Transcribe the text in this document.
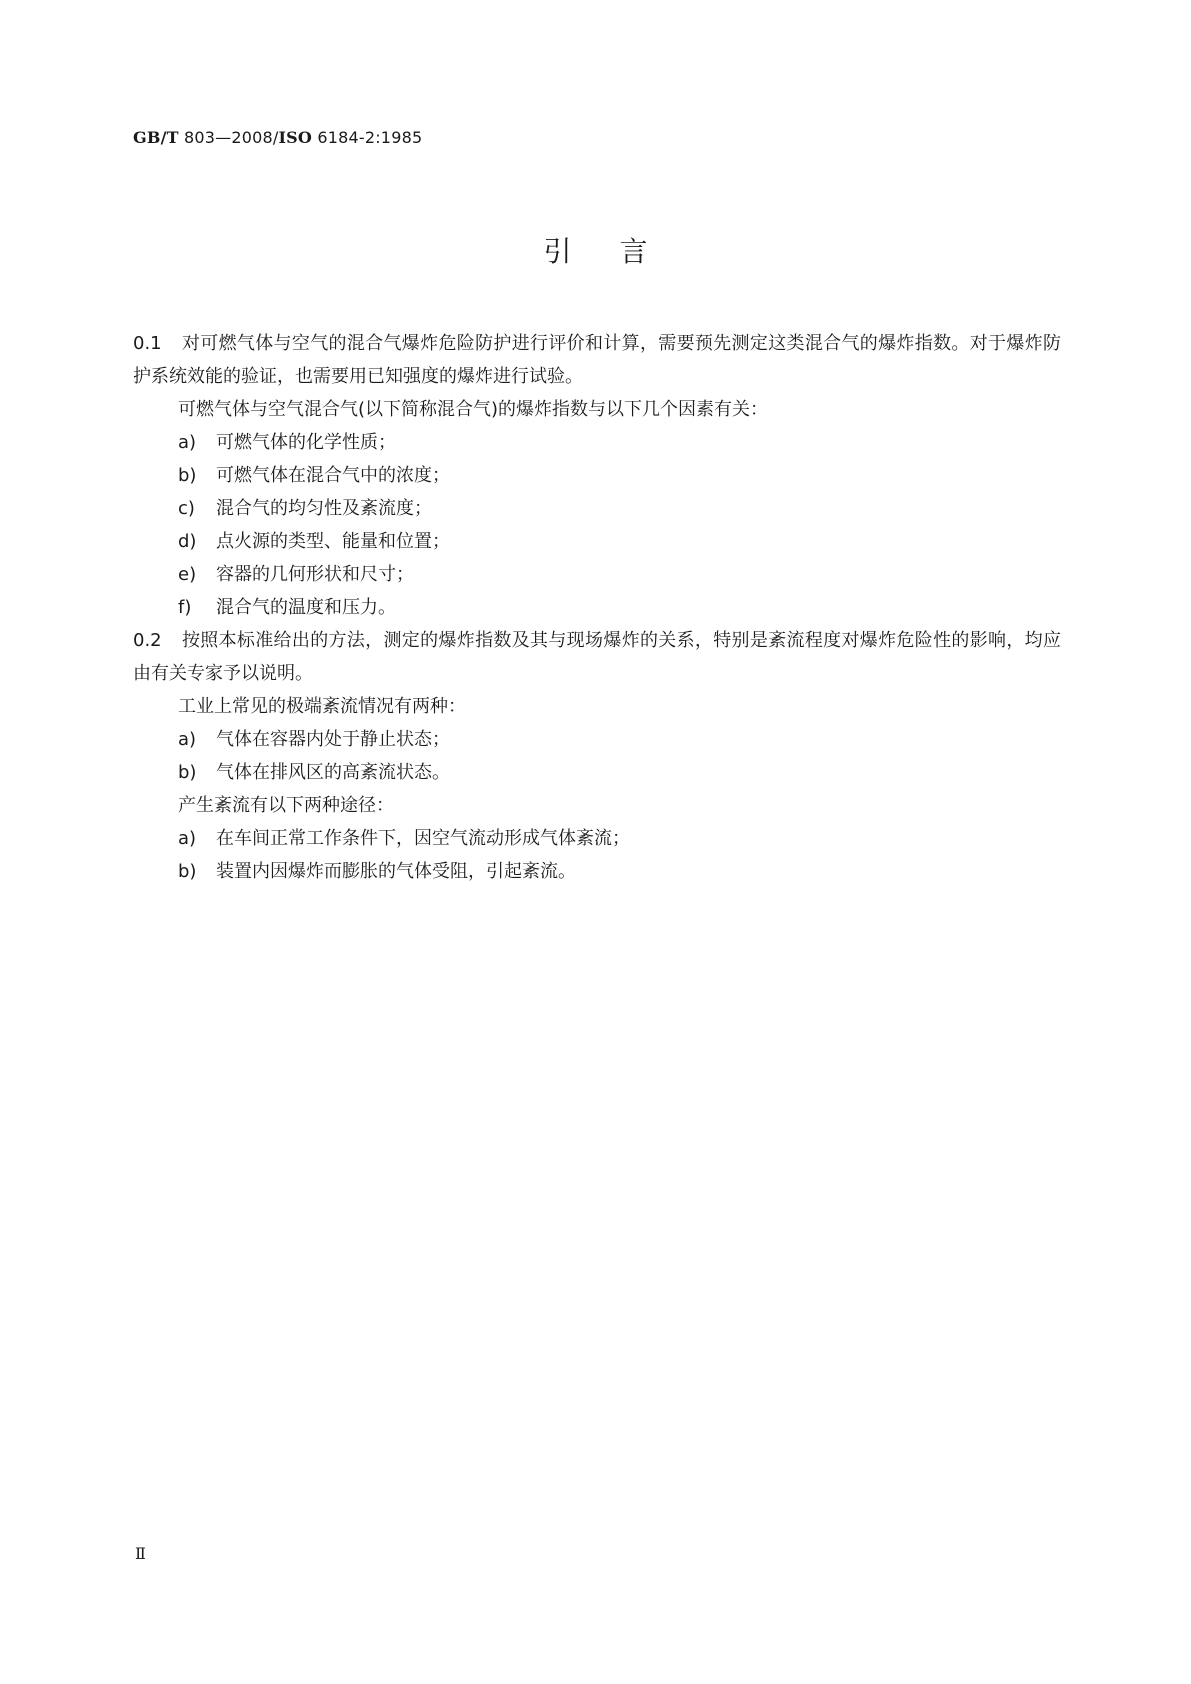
GB/T 803—2008/ISO 6184-2:1985
引言

0.1 对可燃气体与空气的混合气爆炸危险防护进行评价和计算，需要预先测定这类混合气的爆炸指数。对于爆炸防护系统效能的验证，也需要用已知强度的爆炸进行试验。

可燃气体与空气混合气(以下简称混合气)的爆炸指数与以下几个因素有关：

a)	可燃气体的化学性质；
b)	可燃气体在混合气中的浓度；
c)	混合气的均匀性及紊流度；
d)	点火源的类型、能量和位置；
e)	容器的几何形状和尺寸；
f)	混合气的温度和压力。

0.2 按照本标准给出的方法，测定的爆炸指数及其与现场爆炸的关系，特别是紊流程度对爆炸危险性的影响，均应由有关专家予以说明。

工业上常见的极端紊流情况有两种：

a)	气体在容器内处于静止状态；
b)	气体在排风区的高紊流状态。

产生紊流有以下两种途径：

a)	在车间正常工作条件下，因空气流动形成气体紊流；
b)	装置内因爆炸而膨胀的气体受阻，引起紊流。
Ⅱ
